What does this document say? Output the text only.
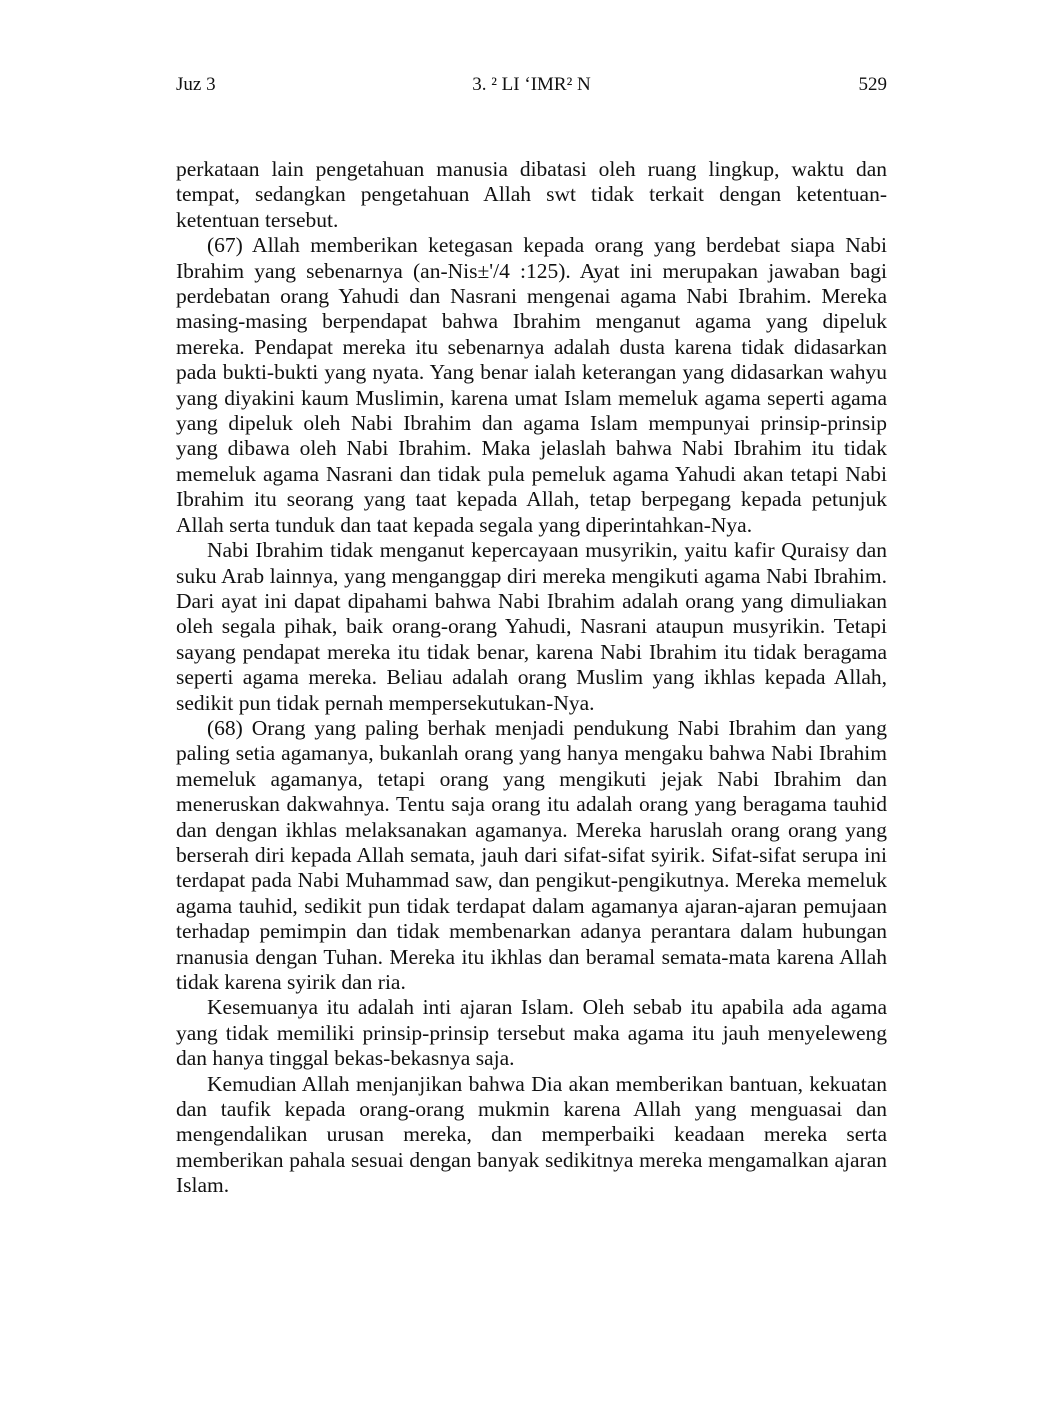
Juz 3	3. ² LI ‘IMR² N	529

perkataan lain pengetahuan manusia dibatasi oleh ruang lingkup, waktu dan tempat, sedangkan pengetahuan Allah swt tidak terkait dengan ketentuan-ketentuan tersebut.

(67) Allah memberikan ketegasan kepada orang yang berdebat siapa Nabi Ibrahim yang sebenarnya (an-Nis±'/4 :125). Ayat ini merupakan jawaban bagi perdebatan orang Yahudi dan Nasrani mengenai agama Nabi Ibrahim. Mereka masing-masing berpendapat bahwa Ibrahim menganut agama yang dipeluk mereka. Pendapat mereka itu sebenarnya adalah dusta karena tidak didasarkan pada bukti-bukti yang nyata. Yang benar ialah keterangan yang didasarkan wahyu yang diyakini kaum Muslimin, karena umat Islam memeluk agama seperti agama yang dipeluk oleh Nabi Ibrahim dan agama Islam mempunyai prinsip-prinsip yang dibawa oleh Nabi Ibrahim. Maka jelaslah bahwa Nabi Ibrahim itu tidak memeluk agama Nasrani dan tidak pula pemeluk agama Yahudi akan tetapi Nabi Ibrahim itu seorang yang taat kepada Allah, tetap berpegang kepada petunjuk Allah serta tunduk dan taat kepada segala yang diperintahkan-Nya.

Nabi Ibrahim tidak menganut kepercayaan musyrikin, yaitu kafir Quraisy dan suku Arab lainnya, yang menganggap diri mereka mengikuti agama Nabi Ibrahim. Dari ayat ini dapat dipahami bahwa Nabi Ibrahim adalah orang yang dimuliakan oleh segala pihak, baik orang-orang Yahudi, Nasrani ataupun musyrikin. Tetapi sayang pendapat mereka itu tidak benar, karena Nabi Ibrahim itu tidak beragama seperti agama mereka. Beliau adalah orang Muslim yang ikhlas kepada Allah, sedikit pun tidak pernah mempersekutukan-Nya.

(68) Orang yang paling berhak menjadi pendukung Nabi Ibrahim dan yang paling setia agamanya, bukanlah orang yang hanya mengaku bahwa Nabi Ibrahim memeluk agamanya, tetapi orang yang mengikuti jejak Nabi Ibrahim dan meneruskan dakwahnya. Tentu saja orang itu adalah orang yang beragama tauhid dan dengan ikhlas melaksanakan agamanya. Mereka haruslah orang orang yang berserah diri kepada Allah semata, jauh dari sifat-sifat syirik. Sifat-sifat serupa ini terdapat pada Nabi Muhammad saw, dan pengikut-pengikutnya. Mereka memeluk agama tauhid, sedikit pun tidak terdapat dalam agamanya ajaran-ajaran pemujaan terhadap pemimpin dan tidak membenarkan adanya perantara dalam hubungan rnanusia dengan Tuhan. Mereka itu ikhlas dan beramal semata-mata karena Allah tidak karena syirik dan ria.

Kesemuanya itu adalah inti ajaran Islam. Oleh sebab itu apabila ada agama yang tidak memiliki prinsip-prinsip tersebut maka agama itu jauh menyeleweng dan hanya tinggal bekas-bekasnya saja.

Kemudian Allah menjanjikan bahwa Dia akan memberikan bantuan, kekuatan dan taufik kepada orang-orang mukmin karena Allah yang menguasai dan mengendalikan urusan mereka, dan memperbaiki keadaan mereka serta memberikan pahala sesuai dengan banyak sedikitnya mereka mengamalkan ajaran Islam.
